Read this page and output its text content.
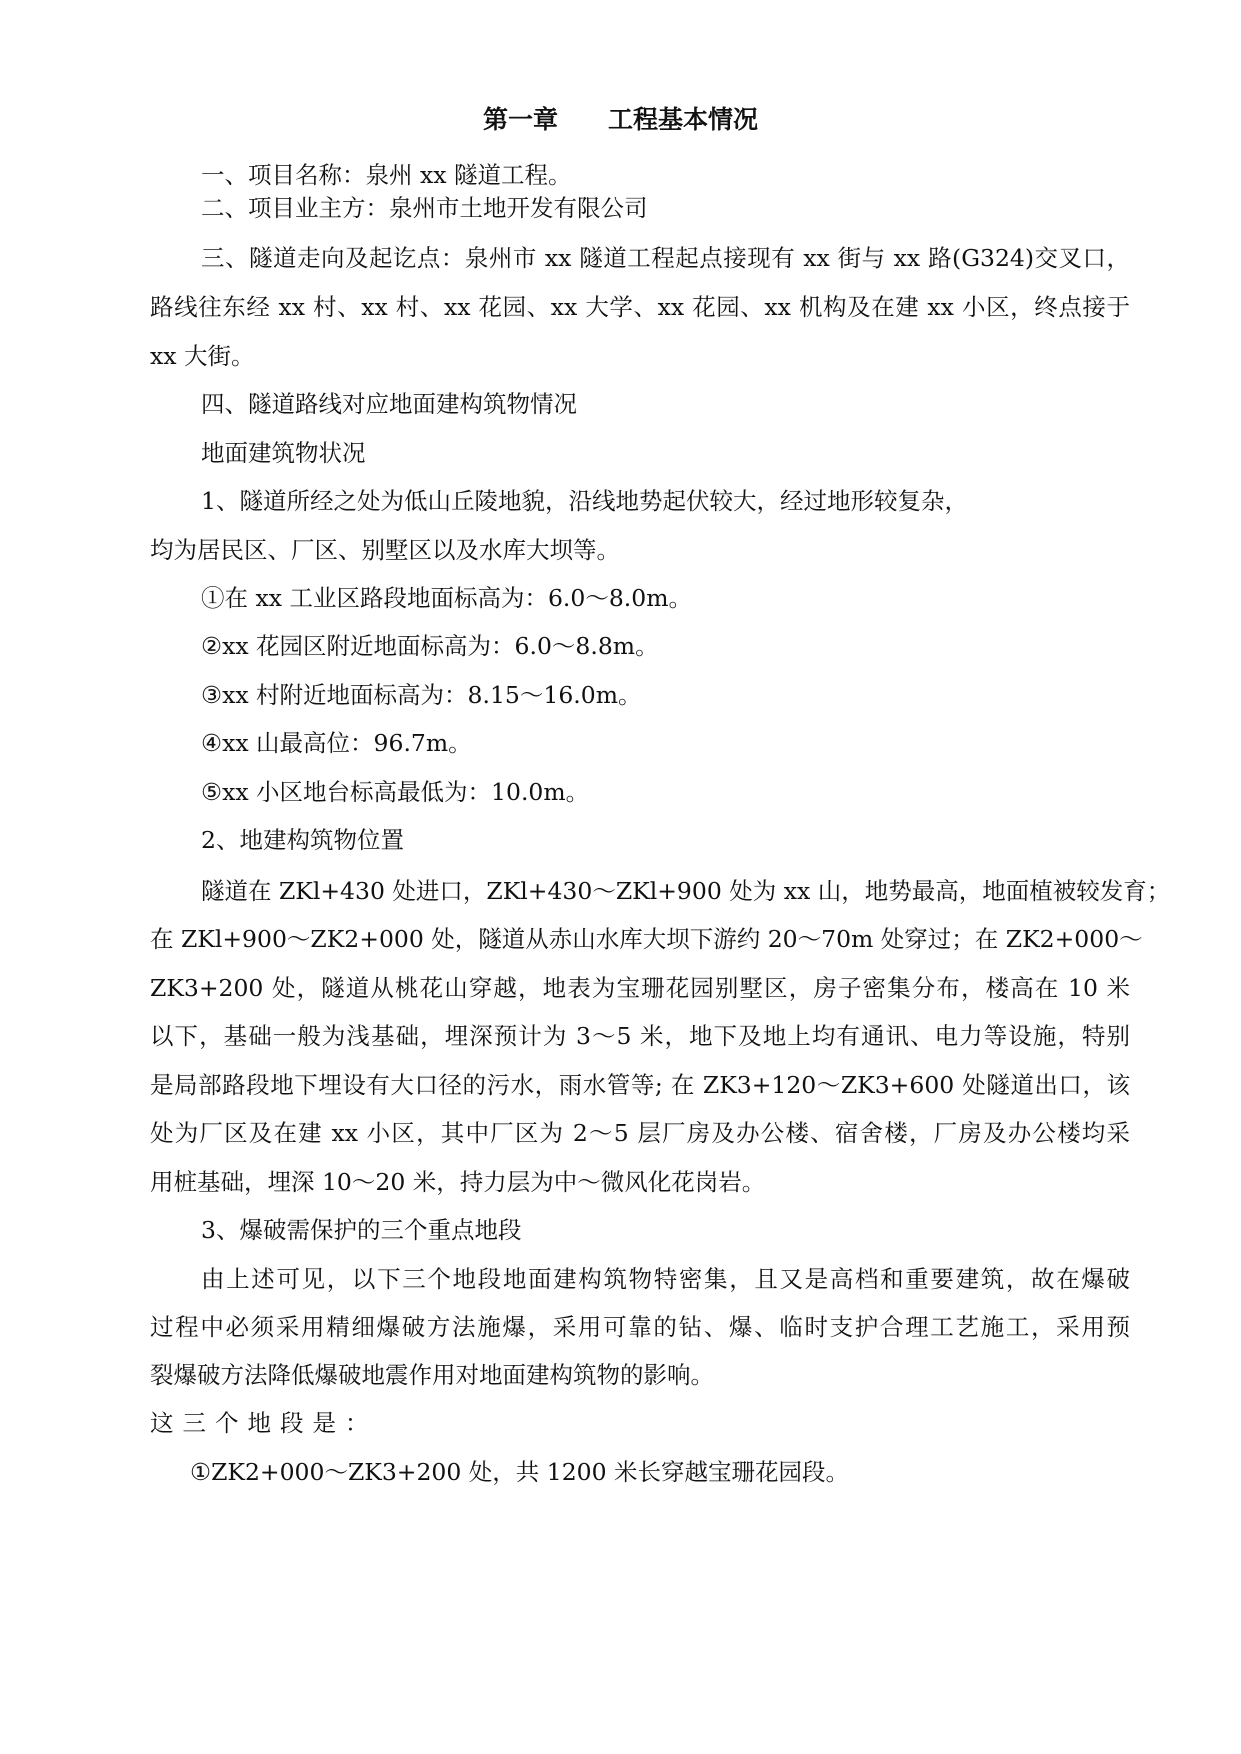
第一章　　工程基本情况
一、项目名称：泉州 xx 隧道工程。
二、项目业主方：泉州市土地开发有限公司
三、隧道走向及起讫点：泉州市 xx 隧道工程起点接现有 xx 街与 xx 路(G324)交叉口，
路线往东经 xx 村、xx 村、xx 花园、xx 大学、xx 花园、xx 机构及在建 xx 小区，终点接于
xx 大街。
四、隧道路线对应地面建构筑物情况
地面建筑物状况
1、隧道所经之处为低山丘陵地貌，沿线地势起伏较大，经过地形较复杂，
均为居民区、厂区、别墅区以及水库大坝等。
①在 xx 工业区路段地面标高为：6.0～8.0m。
②xx 花园区附近地面标高为：6.0～8.8m。
③xx 村附近地面标高为：8.15～16.0m。
④xx 山最高位：96.7m。
⑤xx 小区地台标高最低为：10.0m。
2、地建构筑物位置
隧道在 ZKl+430 处进口，ZKl+430～ZKl+900 处为 xx 山，地势最高，地面植被较发育；
在 ZKl+900～ZK2+000 处，隧道从赤山水库大坝下游约 20～70m 处穿过；在 ZK2+000～
ZK3+200 处，隧道从桃花山穿越，地表为宝珊花园别墅区，房子密集分布，楼高在 10 米
以下，基础一般为浅基础，埋深预计为 3～5 米，地下及地上均有通讯、电力等设施，特别
是局部路段地下埋设有大口径的污水，雨水管等; 在 ZK3+120～ZK3+600 处隧道出口，该
处为厂区及在建 xx 小区，其中厂区为 2～5 层厂房及办公楼、宿舍楼，厂房及办公楼均采
用桩基础，埋深 10～20 米，持力层为中～微风化花岗岩。
3、爆破需保护的三个重点地段
由上述可见，以下三个地段地面建构筑物特密集，且又是高档和重要建筑，故在爆破
过程中必须采用精细爆破方法施爆，采用可靠的钻、爆、临时支护合理工艺施工，采用预
裂爆破方法降低爆破地震作用对地面建构筑物的影响。
这三个地段是：
①ZK2+000～ZK3+200 处，共 1200 米长穿越宝珊花园段。
